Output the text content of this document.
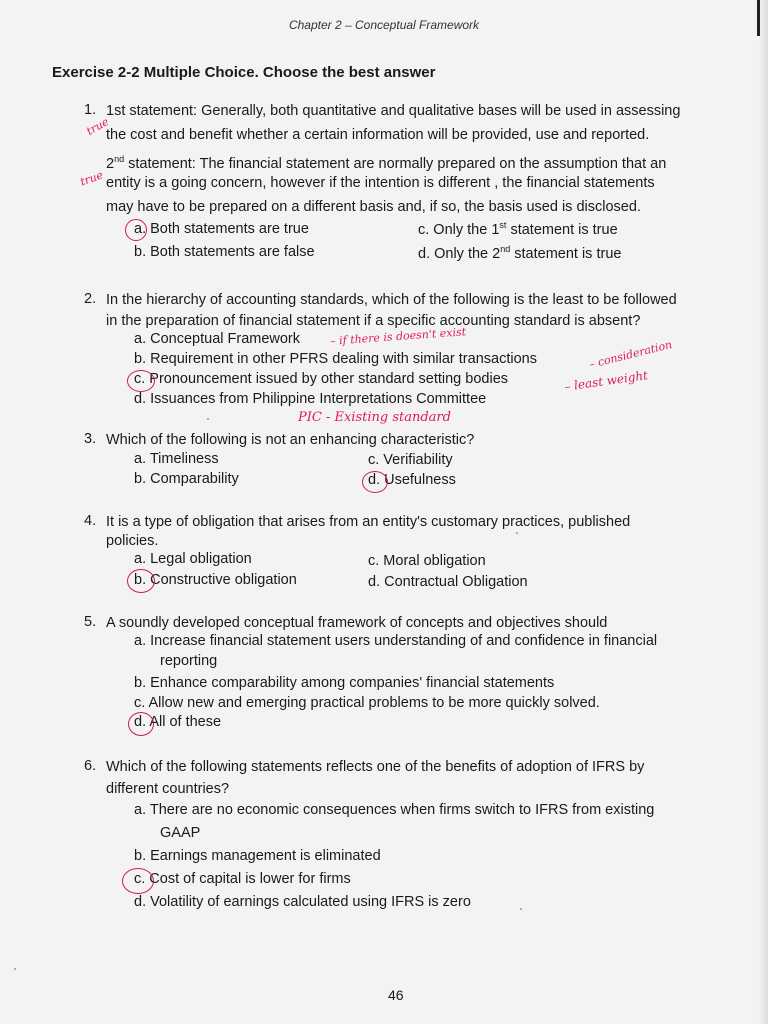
Chapter 2 – Conceptual Framework
Exercise 2-2 Multiple Choice. Choose the best answer
1. 1st statement: Generally, both quantitative and qualitative bases will be used in assessing
the cost and benefit whether a certain information will be provided, use and reported.
2nd statement: The financial statement are normally prepared on the assumption that an
entity is a going concern, however if the intention is different , the financial statements
may have to be prepared on a different basis and, if so, the basis used is disclosed.
true
true
a. Both statements are true
b. Both statements are false
c. Only the 1st statement is true
d. Only the 2nd statement is true
2. In the hierarchy of accounting standards, which of the following is the least to be followed
in the preparation of financial statement if a specific accounting standard is absent?
a. Conceptual Framework	– if there is doesn't exist
b. Requirement in other PFRS dealing with similar transactions	– consideration
c. Pronouncement issued by other standard setting bodies	– least weight
d. Issuances from Philippine Interpretations Committee
PIC - Existing standard
3. Which of the following is not an enhancing characteristic?
a. Timeliness
b. Comparability
c. Verifiability
d. Usefulness
4. It is a type of obligation that arises from an entity's customary practices, published
policies.
a. Legal obligation
b. Constructive obligation
c. Moral obligation
d. Contractual Obligation
5. A soundly developed conceptual framework of concepts and objectives should
a. Increase financial statement users understanding of and confidence in financial
reporting
b. Enhance comparability among companies' financial statements
c. Allow new and emerging practical problems to be more quickly solved.
d. All of these
6. Which of the following statements reflects one of the benefits of adoption of IFRS by
different countries?
a. There are no economic consequences when firms switch to IFRS from existing
GAAP
b. Earnings management is eliminated
c. Cost of capital is lower for firms
d. Volatility of earnings calculated using IFRS is zero
46
